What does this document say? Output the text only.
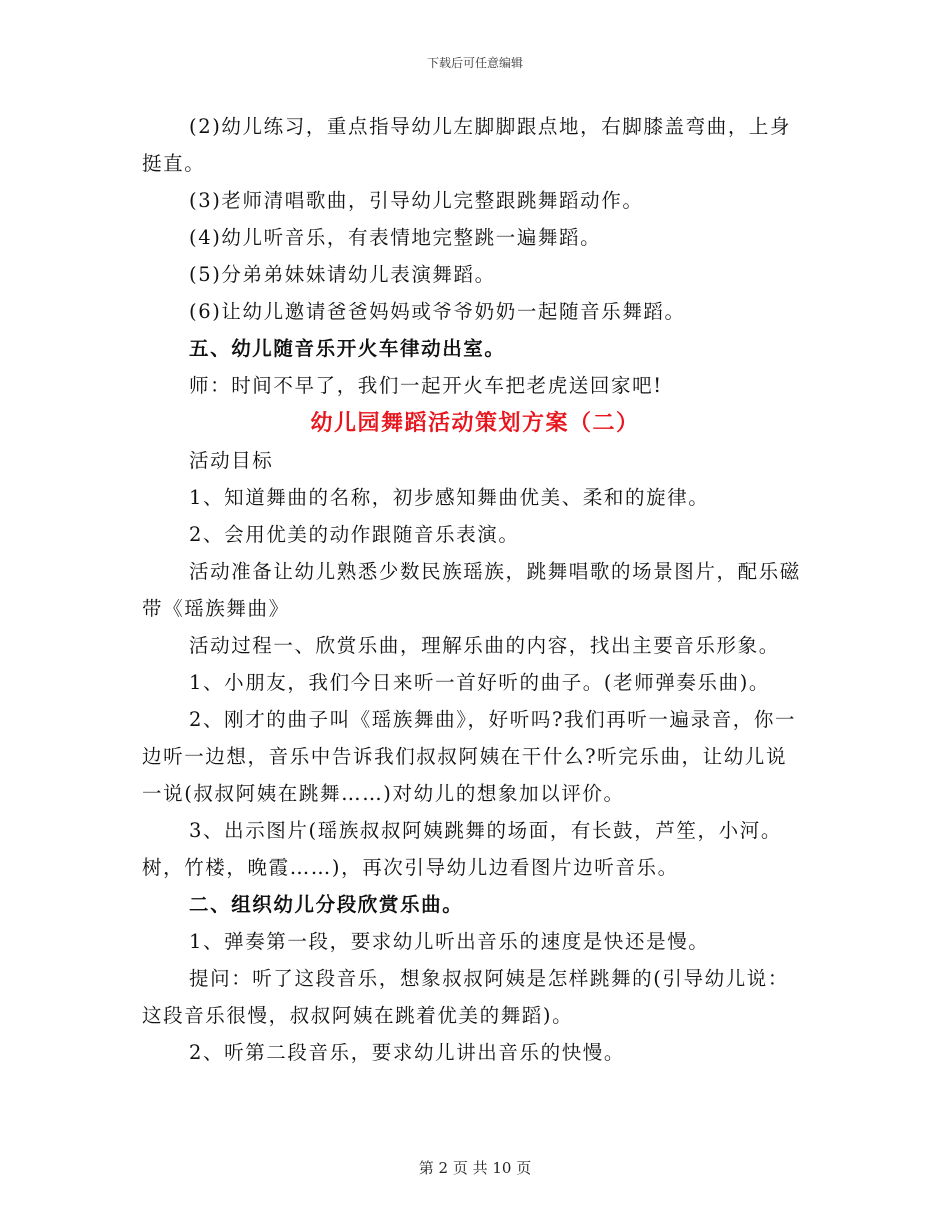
下载后可任意编辑

(2)幼儿练习，重点指导幼儿左脚脚跟点地，右脚膝盖弯曲，上身挺直。

(3)老师清唱歌曲，引导幼儿完整跟跳舞蹈动作。

(4)幼儿听音乐，有表情地完整跳一遍舞蹈。

(5)分弟弟妹妹请幼儿表演舞蹈。

(6)让幼儿邀请爸爸妈妈或爷爷奶奶一起随音乐舞蹈。

五、幼儿随音乐开火车律动出室。

师：时间不早了，我们一起开火车把老虎送回家吧!

幼儿园舞蹈活动策划方案（二）

活动目标

1、知道舞曲的名称，初步感知舞曲优美、柔和的旋律。

2、会用优美的动作跟随音乐表演。

活动准备让幼儿熟悉少数民族瑶族，跳舞唱歌的场景图片，配乐磁带《瑶族舞曲》

活动过程一、欣赏乐曲，理解乐曲的内容，找出主要音乐形象。

1、小朋友，我们今日来听一首好听的曲子。(老师弹奏乐曲)。

2、刚才的曲子叫《瑶族舞曲》，好听吗?我们再听一遍录音，你一边听一边想，音乐中告诉我们叔叔阿姨在干什么?听完乐曲，让幼儿说一说(叔叔阿姨在跳舞……)对幼儿的想象加以评价。

3、出示图片(瑶族叔叔阿姨跳舞的场面，有长鼓，芦笙，小河。树，竹楼，晚霞……)，再次引导幼儿边看图片边听音乐。

二、组织幼儿分段欣赏乐曲。

1、弹奏第一段，要求幼儿听出音乐的速度是快还是慢。

提问：听了这段音乐，想象叔叔阿姨是怎样跳舞的(引导幼儿说：这段音乐很慢，叔叔阿姨在跳着优美的舞蹈)。

2、听第二段音乐，要求幼儿讲出音乐的快慢。

第 2 页 共 10 页
